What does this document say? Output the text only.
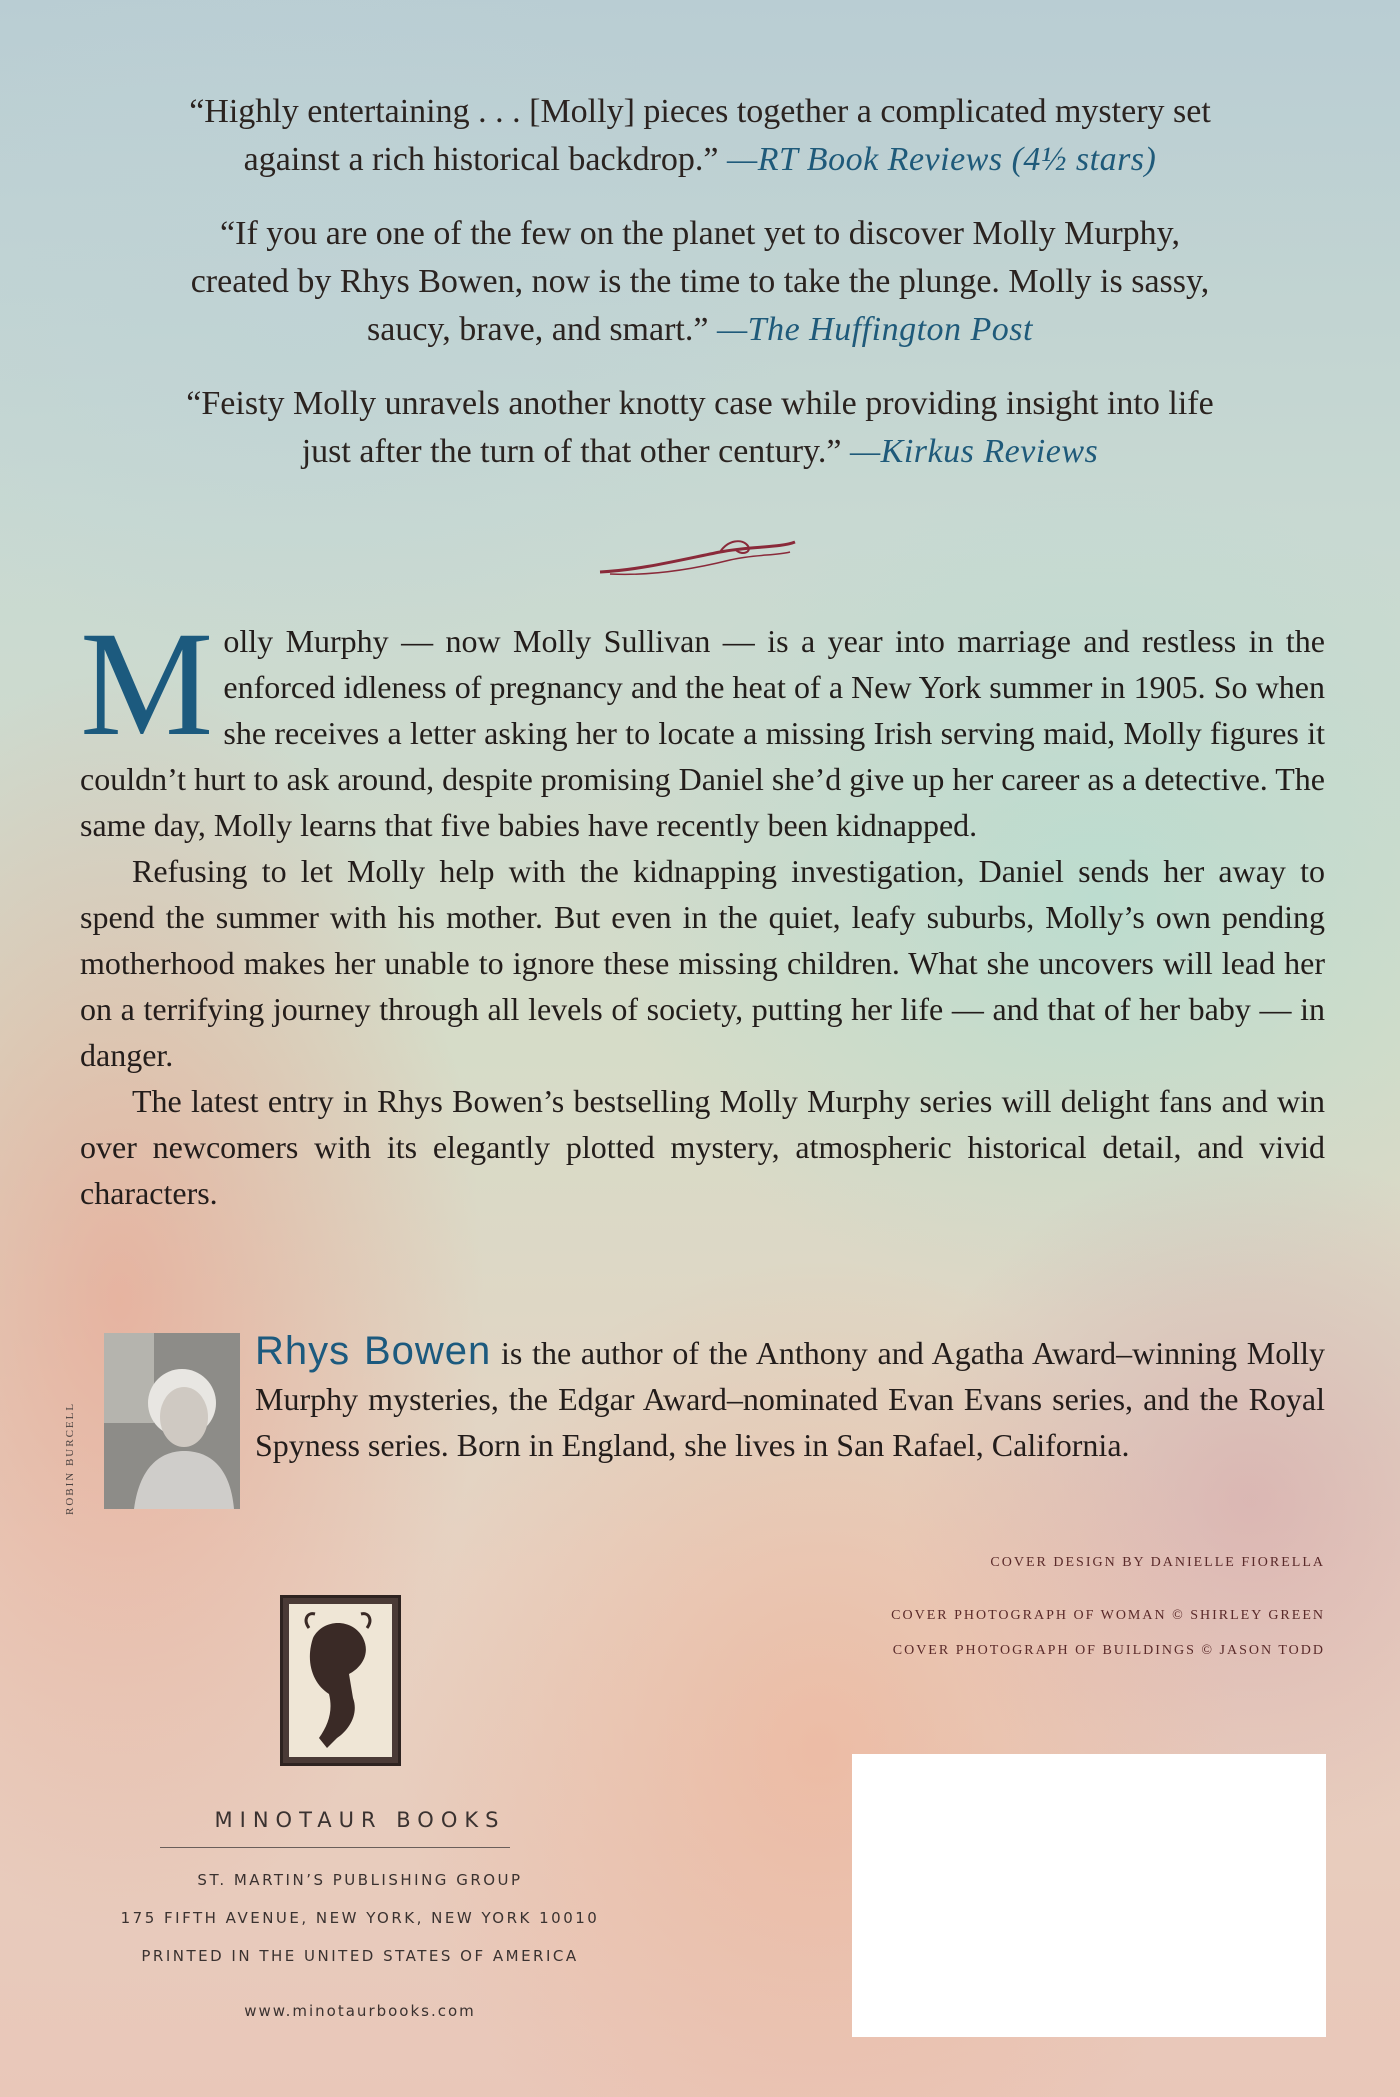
“Highly entertaining . . . [Molly] pieces together a complicated mystery set
against a rich historical backdrop.” —RT Book Reviews (4½ stars)
“If you are one of the few on the planet yet to discover Molly Murphy,
created by Rhys Bowen, now is the time to take the plunge. Molly is sassy,
saucy, brave, and smart.” —The Huffington Post
“Feisty Molly unravels another knotty case while providing insight into life
just after the turn of that other century.” —Kirkus Reviews

Molly Murphy — now Molly Sullivan — is a year into marriage and restless in the enforced idleness of pregnancy and the heat of a New York summer in 1905. So when she receives a letter asking her to locate a missing Irish serving maid, Molly figures it couldn’t hurt to ask around, despite promising Daniel she’d give up her career as a detective. The same day, Molly learns that five babies have recently been kidnapped.

Refusing to let Molly help with the kidnapping investigation, Daniel sends her away to spend the summer with his mother. But even in the quiet, leafy suburbs, Molly’s own pending motherhood makes her unable to ignore these missing children. What she uncovers will lead her on a terrifying journey through all levels of society, putting her life — and that of her baby — in danger.

The latest entry in Rhys Bowen’s bestselling Molly Murphy series will delight fans and win over newcomers with its elegantly plotted mystery, atmospheric historical detail, and vivid characters.

ROBIN BURCELL
Rhys Bowen is the author of the Anthony and Agatha Award–winning Molly Murphy mysteries, the Edgar Award–nominated Evan Evans series, and the Royal Spyness series. Born in England, she lives in San Rafael, California.
COVER DESIGN BY DANIELLE FIORELLA
COVER PHOTOGRAPH OF WOMAN © SHIRLEY GREEN
COVER PHOTOGRAPH OF BUILDINGS © JASON TODD
MINOTAUR BOOKS
ST. MARTIN’S PUBLISHING GROUP
175 FIFTH AVENUE, NEW YORK, NEW YORK 10010
PRINTED IN THE UNITED STATES OF AMERICA
www.minotaurbooks.com
